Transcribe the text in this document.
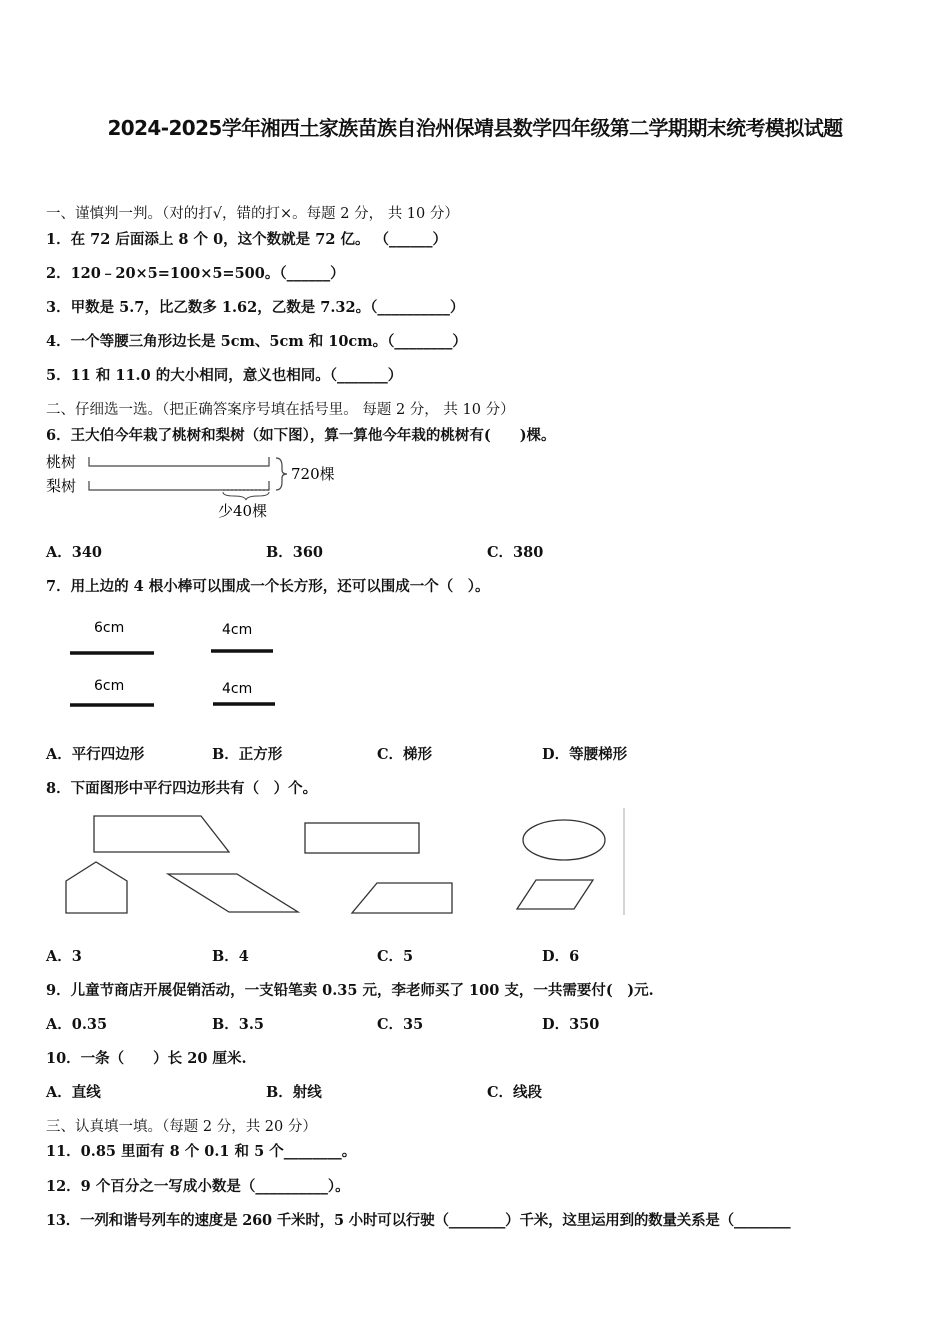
2024-2025学年湘西土家族苗族自治州保靖县数学四年级第二学期期末统考模拟试题
一、谨慎判一判。（对的打√，错的打×。每题 2 分， 共 10 分）
1．在 72 后面添上 8 个 0，这个数就是 72 亿。 （______）
2．120﹣20×5=100×5=500。（______）
3．甲数是 5.7，比乙数多 1.62，乙数是 7.32。（__________）
4．一个等腰三角形边长是 5cm、5cm 和 10cm。（________）
5．11 和 11.0 的大小相同，意义也相同。（_______）
二、仔细选一选。（把正确答案序号填在括号里。 每题 2 分， 共 10 分）
6．王大伯今年栽了桃树和梨树（如下图），算一算他今年栽的桃树有(　　)棵。
桃树
梨树
720棵
少40棵
A．340	B．360	C．380
7．用上边的 4 根小棒可以围成一个长方形，还可以围成一个（　）。
6cm	4cm
6cm	4cm
A．平行四边形	B．正方形	C．梯形	D．等腰梯形
8．下面图形中平行四边形共有（　）个。
A．3	B．4	C．5	D．6
9．儿童节商店开展促销活动，一支铅笔卖 0.35 元，李老师买了 100 支，一共需要付(　)元.
A．0.35	B．3.5	C．35	D．350
10．一条（　　）长 20 厘米.
A．直线	B．射线	C．线段
三、认真填一填。（每题 2 分，共 20 分）
11．0.85 里面有 8 个 0.1 和 5 个________。
12．9 个百分之一写成小数是（__________）。
13．一列和谐号列车的速度是 260 千米时，5 小时可以行驶（________）千米，这里运用到的数量关系是（________
